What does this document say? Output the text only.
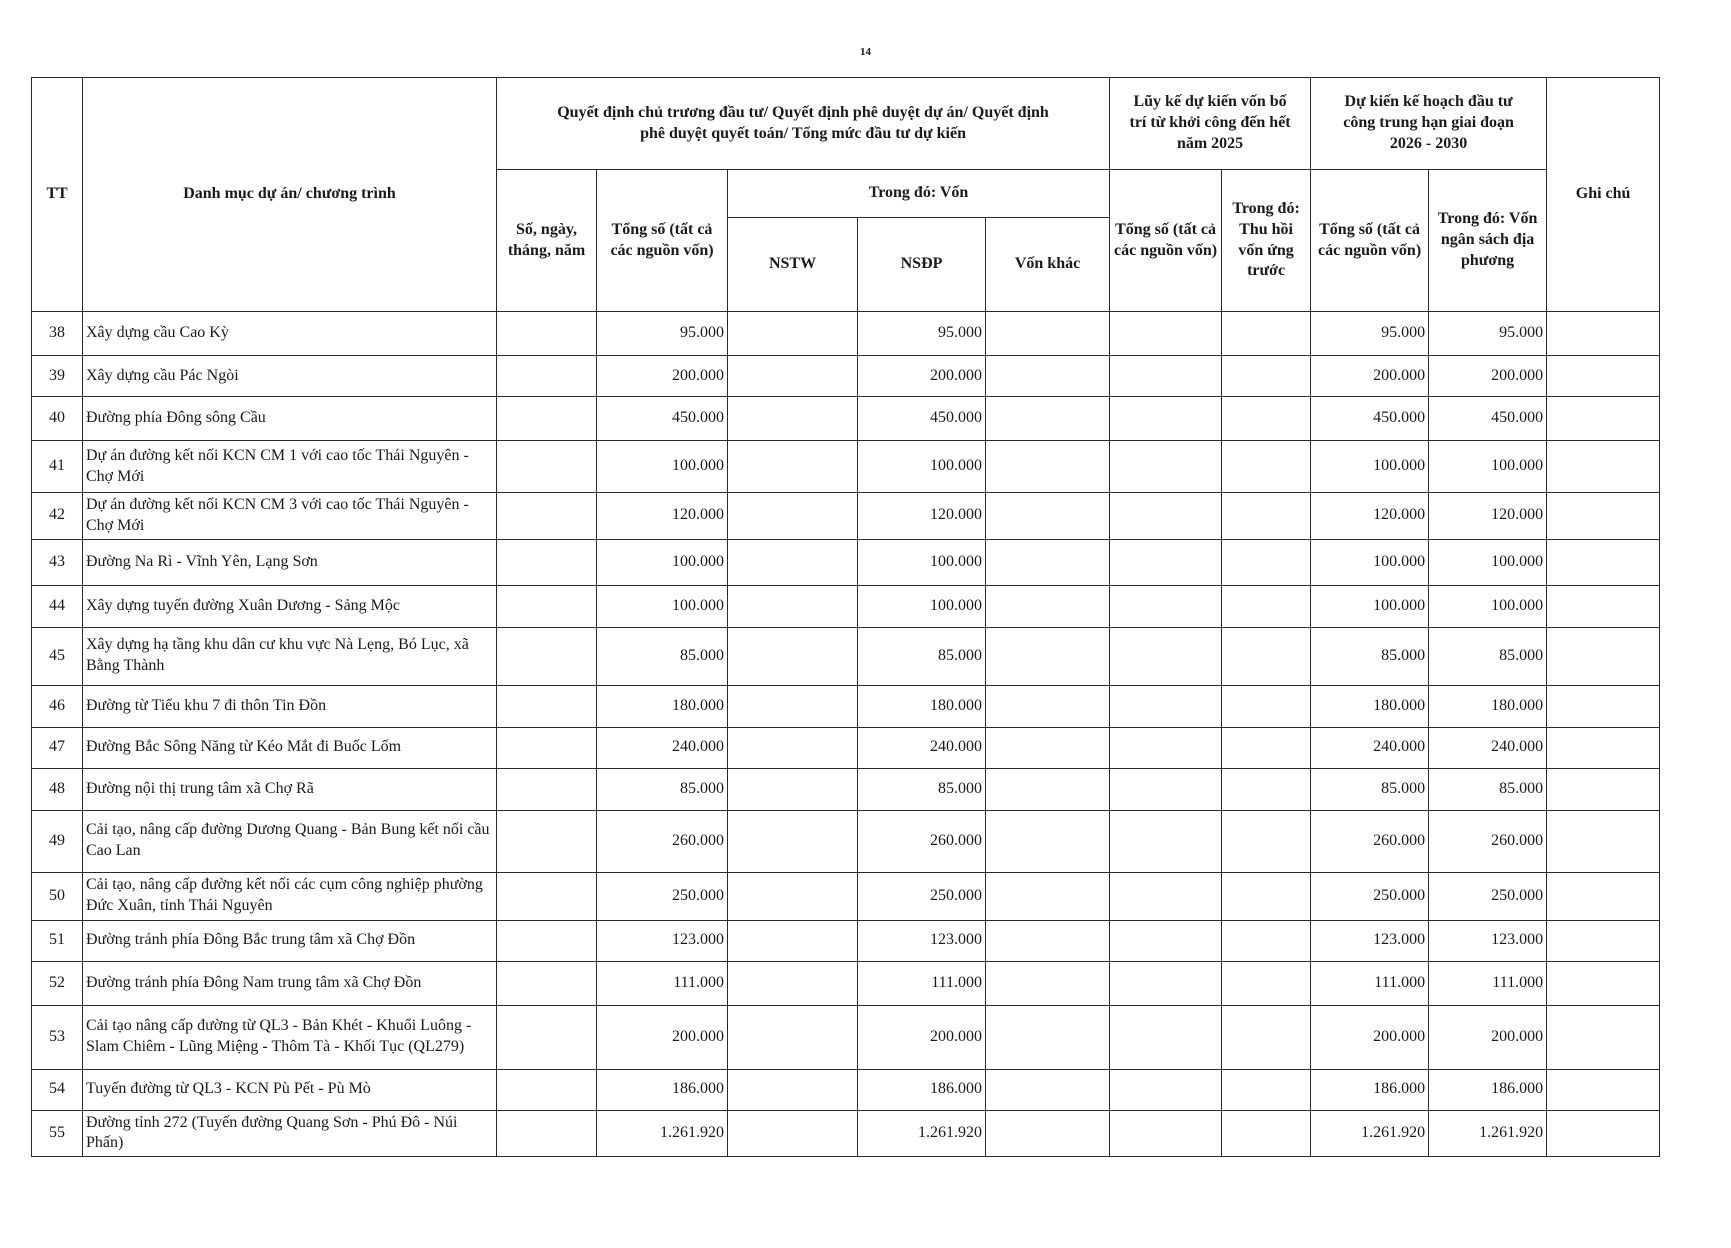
14
TT	Danh mục dự án/ chương trình	Quyết định chủ trương đầu tư/ Quyết định phê duyệt dự án/ Quyết định phê duyệt quyết toán/ Tổng mức đầu tư dự kiến					Lũy kế dự kiến vốn bố trí từ khởi công đến hết năm 2025		Dự kiến kế hoạch đầu tư công trung hạn giai đoạn 2026 - 2030		Ghi chú
		Số, ngày, tháng, năm	Tổng số (tất cả các nguồn vốn)	Trong đó: Vốn			Tổng số (tất cả các nguồn vốn)	Trong đó: Thu hồi vốn ứng trước	Tổng số (tất cả các nguồn vốn)	Trong đó: Vốn ngân sách địa phương	
				NSTW	NSĐP	Vốn khác					
38	Xây dựng cầu Cao Kỳ		95.000		95.000				95.000	95.000	
39	Xây dựng cầu Pác Ngòi		200.000		200.000				200.000	200.000	
40	Đường phía Đông sông Cầu		450.000		450.000				450.000	450.000	
41	Dự án đường kết nối KCN CM 1 với cao tốc Thái Nguyên - Chợ Mới		100.000		100.000				100.000	100.000	
42	Dự án đường kết nối KCN CM 3 với cao tốc Thái Nguyên - Chợ Mới		120.000		120.000				120.000	120.000	
43	Đường Na Rì - Vĩnh Yên, Lạng Sơn		100.000		100.000				100.000	100.000	
44	Xây dựng tuyến đường Xuân Dương - Sảng Mộc		100.000		100.000				100.000	100.000	
45	Xây dựng hạ tầng khu dân cư khu vực Nà Lẹng, Bó Lục, xã Bằng Thành		85.000		85.000				85.000	85.000	
46	Đường từ Tiểu khu 7 đi thôn Tin Đồn		180.000		180.000				180.000	180.000	
47	Đường Bắc Sông Năng từ Kéo Mắt đi Buốc Lốm		240.000		240.000				240.000	240.000	
48	Đường nội thị trung tâm xã Chợ Rã		85.000		85.000				85.000	85.000	
49	Cải tạo, nâng cấp đường Dương Quang - Bản Bung kết nối cầu Cao Lan		260.000		260.000				260.000	260.000	
50	Cải tạo, nâng cấp đường kết nối các cụm công nghiệp phường Đức Xuân, tỉnh Thái Nguyên		250.000		250.000				250.000	250.000	
51	Đường tránh phía Đông Bắc trung tâm xã Chợ Đồn		123.000		123.000				123.000	123.000	
52	Đường tránh phía Đông Nam trung tâm xã Chợ Đồn		111.000		111.000				111.000	111.000	
53	Cải tạo nâng cấp đường từ QL3 - Bản Khét - Khuổi Luông - Slam Chiêm - Lũng Miệng - Thôm Tà - Khối Tục (QL279)		200.000		200.000				200.000	200.000	
54	Tuyến đường từ QL3 - KCN Pù Pết - Pù Mò		186.000		186.000				186.000	186.000	
55	Đường tỉnh 272 (Tuyến đường Quang Sơn - Phú Đô - Núi Phấn)		1.261.920		1.261.920				1.261.920	1.261.920	
